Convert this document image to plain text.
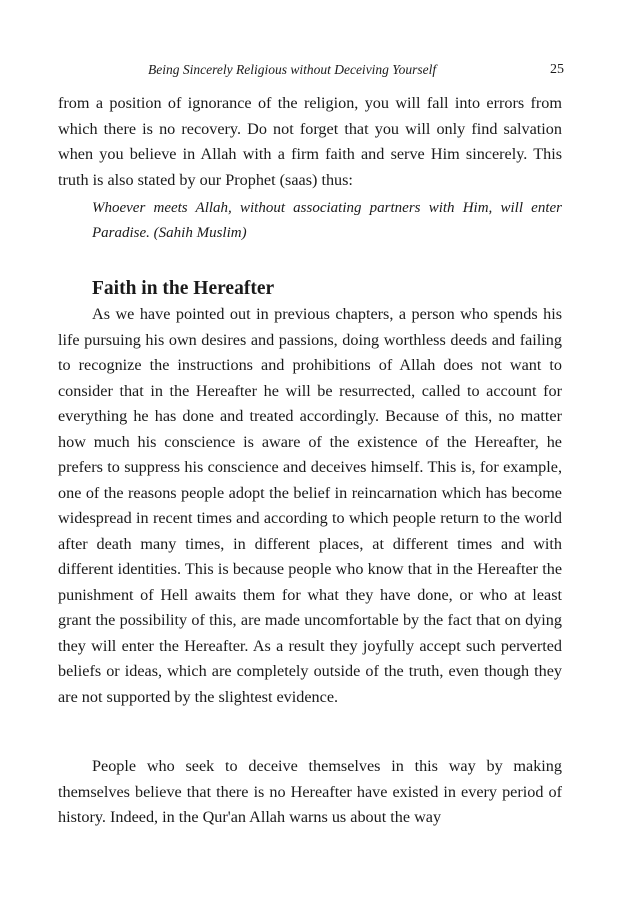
Being Sincerely Religious without Deceiving Yourself	25

from a position of ignorance of the religion, you will fall into errors from which there is no recovery. Do not forget that you will only find salvation when you believe in Allah with a firm faith and serve Him sincerely. This truth is also stated by our Prophet (saas) thus:

Whoever meets Allah, without associating partners with Him, will enter Paradise. (Sahih Muslim)

Faith in the Hereafter

As we have pointed out in previous chapters, a person who spends his life pursuing his own desires and passions, doing worthless deeds and failing to recognize the instructions and prohibitions of Allah does not want to consider that in the Hereafter he will be resurrected, called to account for everything he has done and treated accordingly. Because of this, no matter how much his conscience is aware of the existence of the Hereafter, he prefers to suppress his conscience and deceives himself. This is, for example, one of the reasons people adopt the belief in reincarnation which has become widespread in recent times and according to which people return to the world after death many times, in different places, at different times and with different identities. This is because people who know that in the Hereafter the punishment of Hell awaits them for what they have done, or who at least grant the possibility of this, are made uncomfortable by the fact that on dying they will enter the Hereafter. As a result they joyfully accept such perverted beliefs or ideas, which are completely outside of the truth, even though they are not supported by the slightest evidence.

People who seek to deceive themselves in this way by making themselves believe that there is no Hereafter have existed in every period of history. Indeed, in the Qur'an Allah warns us about the way
